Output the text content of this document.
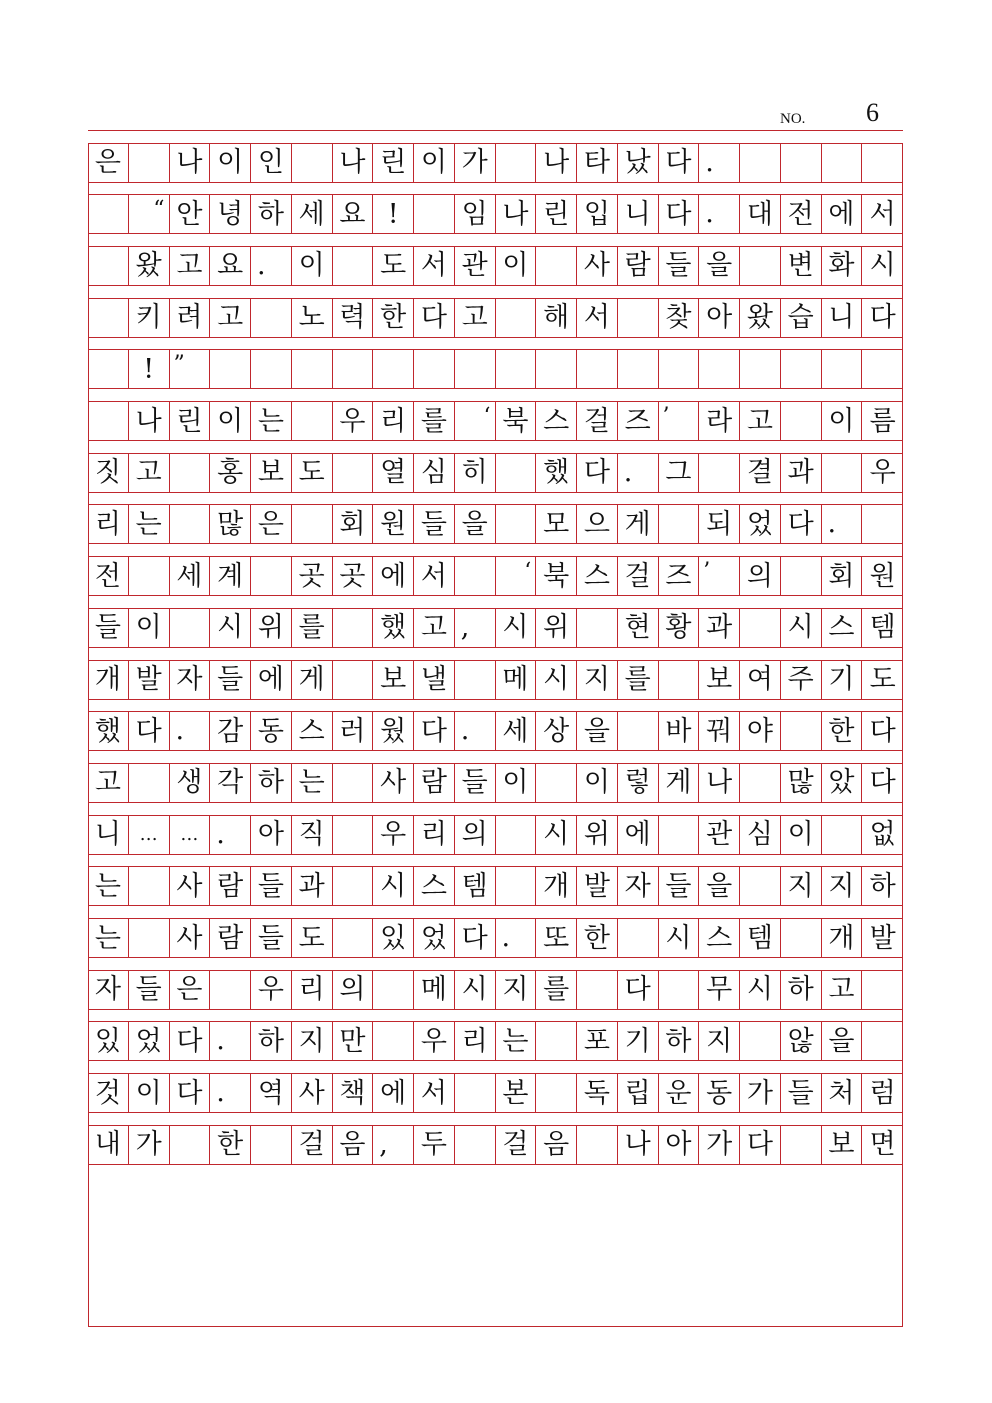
NO. 6
은 나 이 인 나 린 이 가 나 타 났 다 .
“ 안 녕 하 세 요 !	임 나 린 입 니 다 .	대 전 에 서
왔 고 요 .	이 도 서 관 이 사 람 들 을 변 화 시
키 려 고 노 력 한 다 고 해 서 찾 아 왔 습 니 다
! ”
나 린 이 는 우 리 를	‘ 북 스 걸 즈 ’	라 고 이 름
짓 고 홍 보 도 열 심 히 했 다 .	그 결 과 우
리 는 많 은 회 원 들 을 모 으 게 되 었 다 .
전 세 계 곳 곳 에 서	‘ 북 스 걸 즈 ’	의 회 원
들 이 시 위 를 했 고 ,	시 위 현 황 과 시 스 템
개 발 자 들 에 게 보 낼 메 시 지 를 보 여 주 기 도
했 다 .	감 동 스 러 웠 다 .	세 상 을 바 꿔 야 한 다
고 생 각 하 는 사 람 들 이 이 렇 게 나 많 았 다
니	…	… .	아 직 우 리 의 시 위 에 관 심 이 없
는 사 람 들 과 시 스 템 개 발 자 들 을 지 지 하
는 사 람 들 도 있 었 다 .	또 한 시 스 템 개 발
자 들 은 우 리 의 메 시 지 를 다 무 시 하 고
있 었 다 .	하 지 만 우 리 는 포 기 하 지 않 을
것 이 다 .	역 사 책 에 서 본 독 립 운 동 가 들 처 럼
내 가 한 걸 음 ,	두 걸 음 나 아 가 다 보 면
